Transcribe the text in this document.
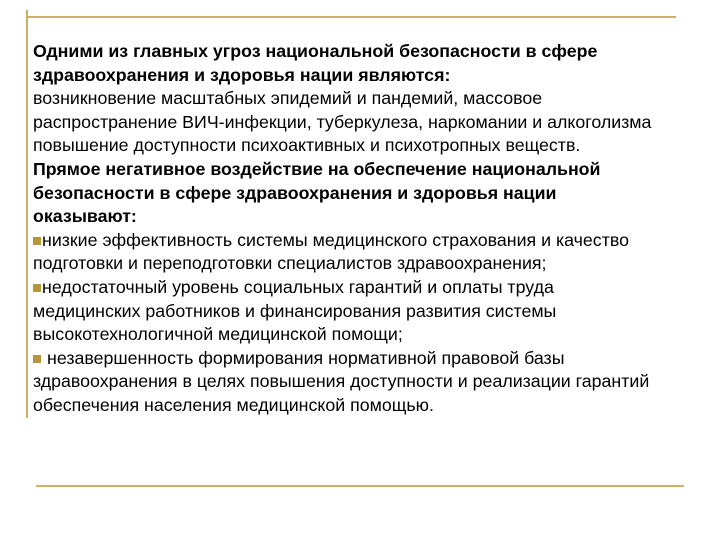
Одними из главных угроз национальной безопасности в сфере
здравоохранения и здоровья нации являются:
возникновение масштабных эпидемий и пандемий, массовое
распространение ВИЧ-инфекции, туберкулеза, наркомании и алкоголизма
повышение доступности психоактивных и психотропных веществ.
Прямое негативное воздействие на обеспечение национальной
безопасности в сфере здравоохранения и здоровья нации
оказывают:
низкие эффективность системы медицинского страхования и качество
подготовки и переподготовки специалистов здравоохранения;
недостаточный уровень социальных гарантий и оплаты труда
медицинских работников и финансирования развития системы
высокотехнологичной медицинской помощи;
незавершенность формирования нормативной правовой базы
здравоохранения в целях повышения доступности и реализации гарантий
обеспечения населения медицинской помощью.
